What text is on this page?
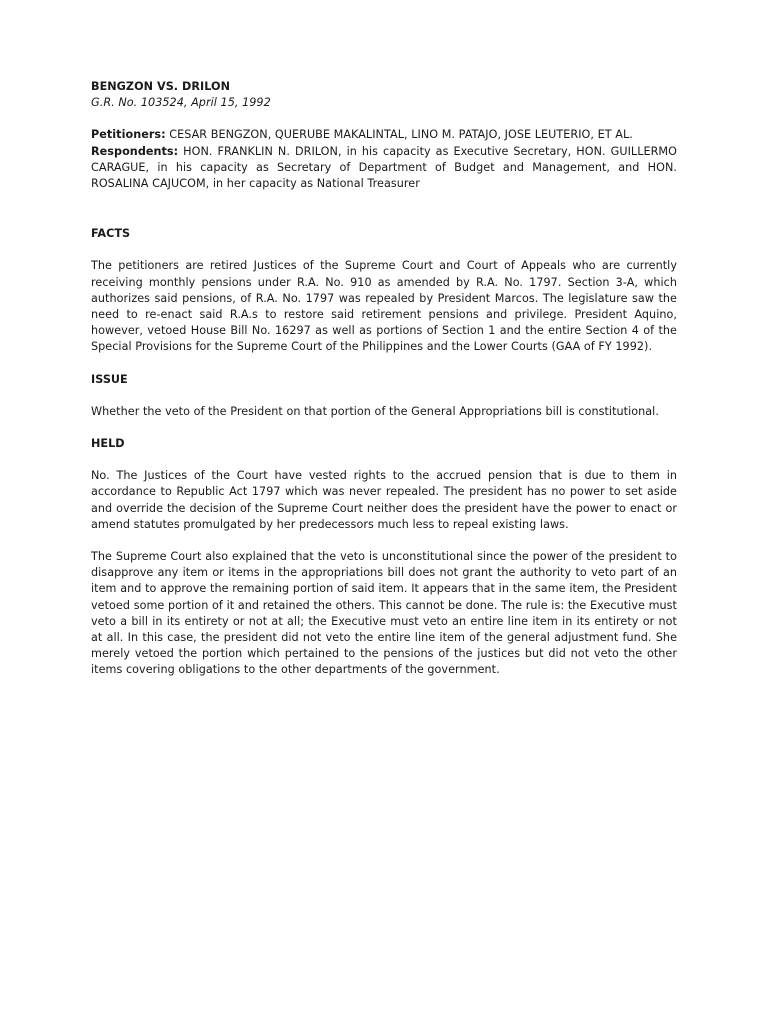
BENGZON VS. DRILON

G.R. No. 103524, April 15, 1992

Petitioners: CESAR BENGZON, QUERUBE MAKALINTAL, LINO M. PATAJO, JOSE LEUTERIO, ET AL.
Respondents: HON. FRANKLIN N. DRILON, in his capacity as Executive Secretary, HON. GUILLERMO CARAGUE, in his capacity as Secretary of Department of Budget and Management, and HON. ROSALINA CAJUCOM, in her capacity as National Treasurer

FACTS

The petitioners are retired Justices of the Supreme Court and Court of Appeals who are currently receiving monthly pensions under R.A. No. 910 as amended by R.A. No. 1797. Section 3-A, which authorizes said pensions, of R.A. No. 1797 was repealed by President Marcos. The legislature saw the need to re-enact said R.A.s to restore said retirement pensions and privilege. President Aquino, however, vetoed House Bill No. 16297 as well as portions of Section 1 and the entire Section 4 of the Special Provisions for the Supreme Court of the Philippines and the Lower Courts (GAA of FY 1992).

ISSUE

Whether the veto of the President on that portion of the General Appropriations bill is constitutional.

HELD

No. The Justices of the Court have vested rights to the accrued pension that is due to them in accordance to Republic Act 1797 which was never repealed. The president has no power to set aside and override the decision of the Supreme Court neither does the president have the power to enact or amend statutes promulgated by her predecessors much less to repeal existing laws.

The Supreme Court also explained that the veto is unconstitutional since the power of the president to disapprove any item or items in the appropriations bill does not grant the authority to veto part of an item and to approve the remaining portion of said item. It appears that in the same item, the President vetoed some portion of it and retained the others. This cannot be done. The rule is: the Executive must veto a bill in its entirety or not at all; the Executive must veto an entire line item in its entirety or not at all. In this case, the president did not veto the entire line item of the general adjustment fund. She merely vetoed the portion which pertained to the pensions of the justices but did not veto the other items covering obligations to the other departments of the government.
